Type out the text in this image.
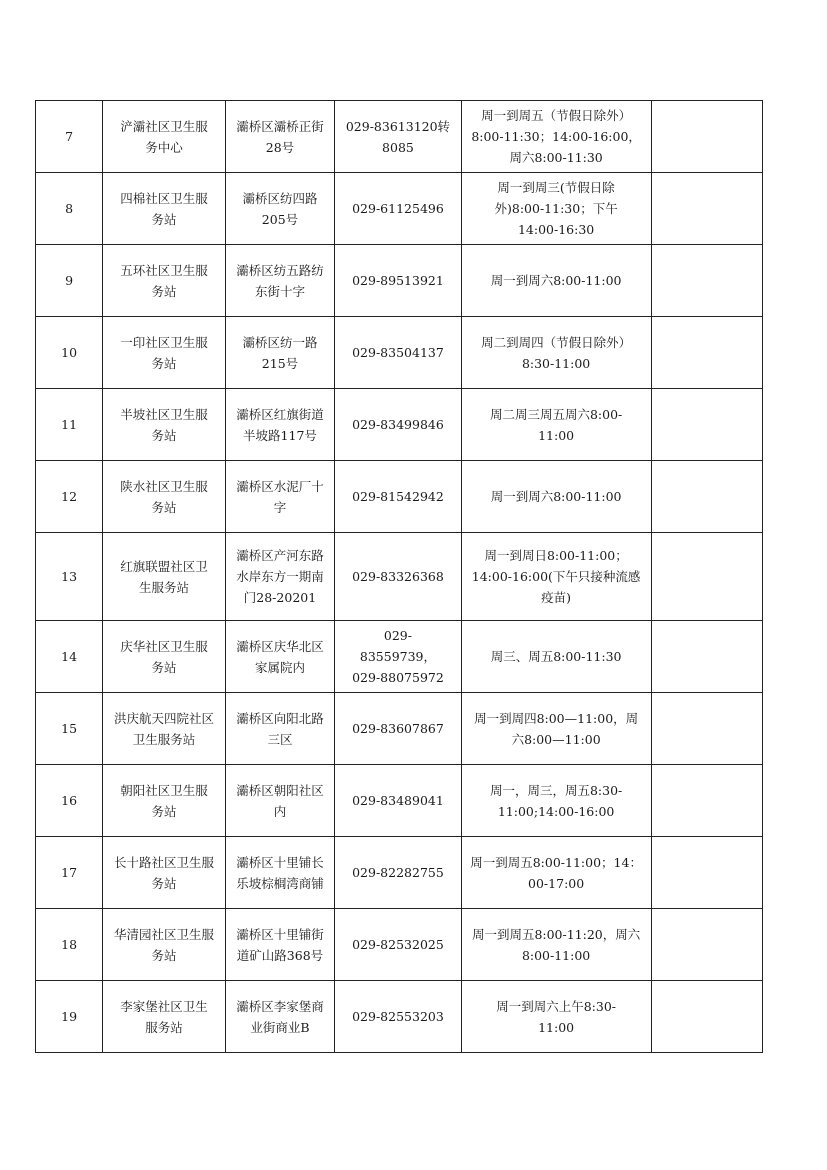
7	浐灞社区卫生服务中心	灞桥区灞桥正街28号	029-83613120转8085	周一到周五（节假日除外）8:00-11:30；14:00-16:00，周六8:00-11:30	
8	四棉社区卫生服务站	灞桥区纺四路205号	029-61125496	周一到周三(节假日除外)8:00-11:30；下午14:00-16:30	
9	五环社区卫生服务站	灞桥区纺五路纺东街十字	029-89513921	周一到周六8:00-11:00	
10	一印社区卫生服务站	灞桥区纺一路215号	029-83504137	周二到周四（节假日除外）8:30-11:00	
11	半坡社区卫生服务站	灞桥区红旗街道半坡路117号	029-83499846	周二周三周五周六8:00-11:00	
12	陕水社区卫生服务站	灞桥区水泥厂十字	029-81542942	周一到周六8:00-11:00	
13	红旗联盟社区卫生服务站	灞桥区产河东路水岸东方一期南门28-20201	029-83326368	周一到周日8:00-11:00；14:00-16:00(下午只接种流感疫苗)	
14	庆华社区卫生服务站	灞桥区庆华北区家属院内	029-83559739，029-88075972	周三、周五8:00-11:30	
15	洪庆航天四院社区卫生服务站	灞桥区向阳北路三区	029-83607867	周一到周四8:00—11:00，周六8:00—11:00	
16	朝阳社区卫生服务站	灞桥区朝阳社区内	029-83489041	周一，周三，周五8:30-11:00;14:00-16:00	
17	长十路社区卫生服务站	灞桥区十里铺长乐坡棕榈湾商铺	029-82282755	周一到周五8:00-11:00；14：00-17:00	
18	华清园社区卫生服务站	灞桥区十里铺街道矿山路368号	029-82532025	周一到周五8:00-11:20，周六8:00-11:00	
19	李家堡社区卫生服务站	灞桥区李家堡商业街商业B	029-82553203	周一到周六上午8:30-11:00	
